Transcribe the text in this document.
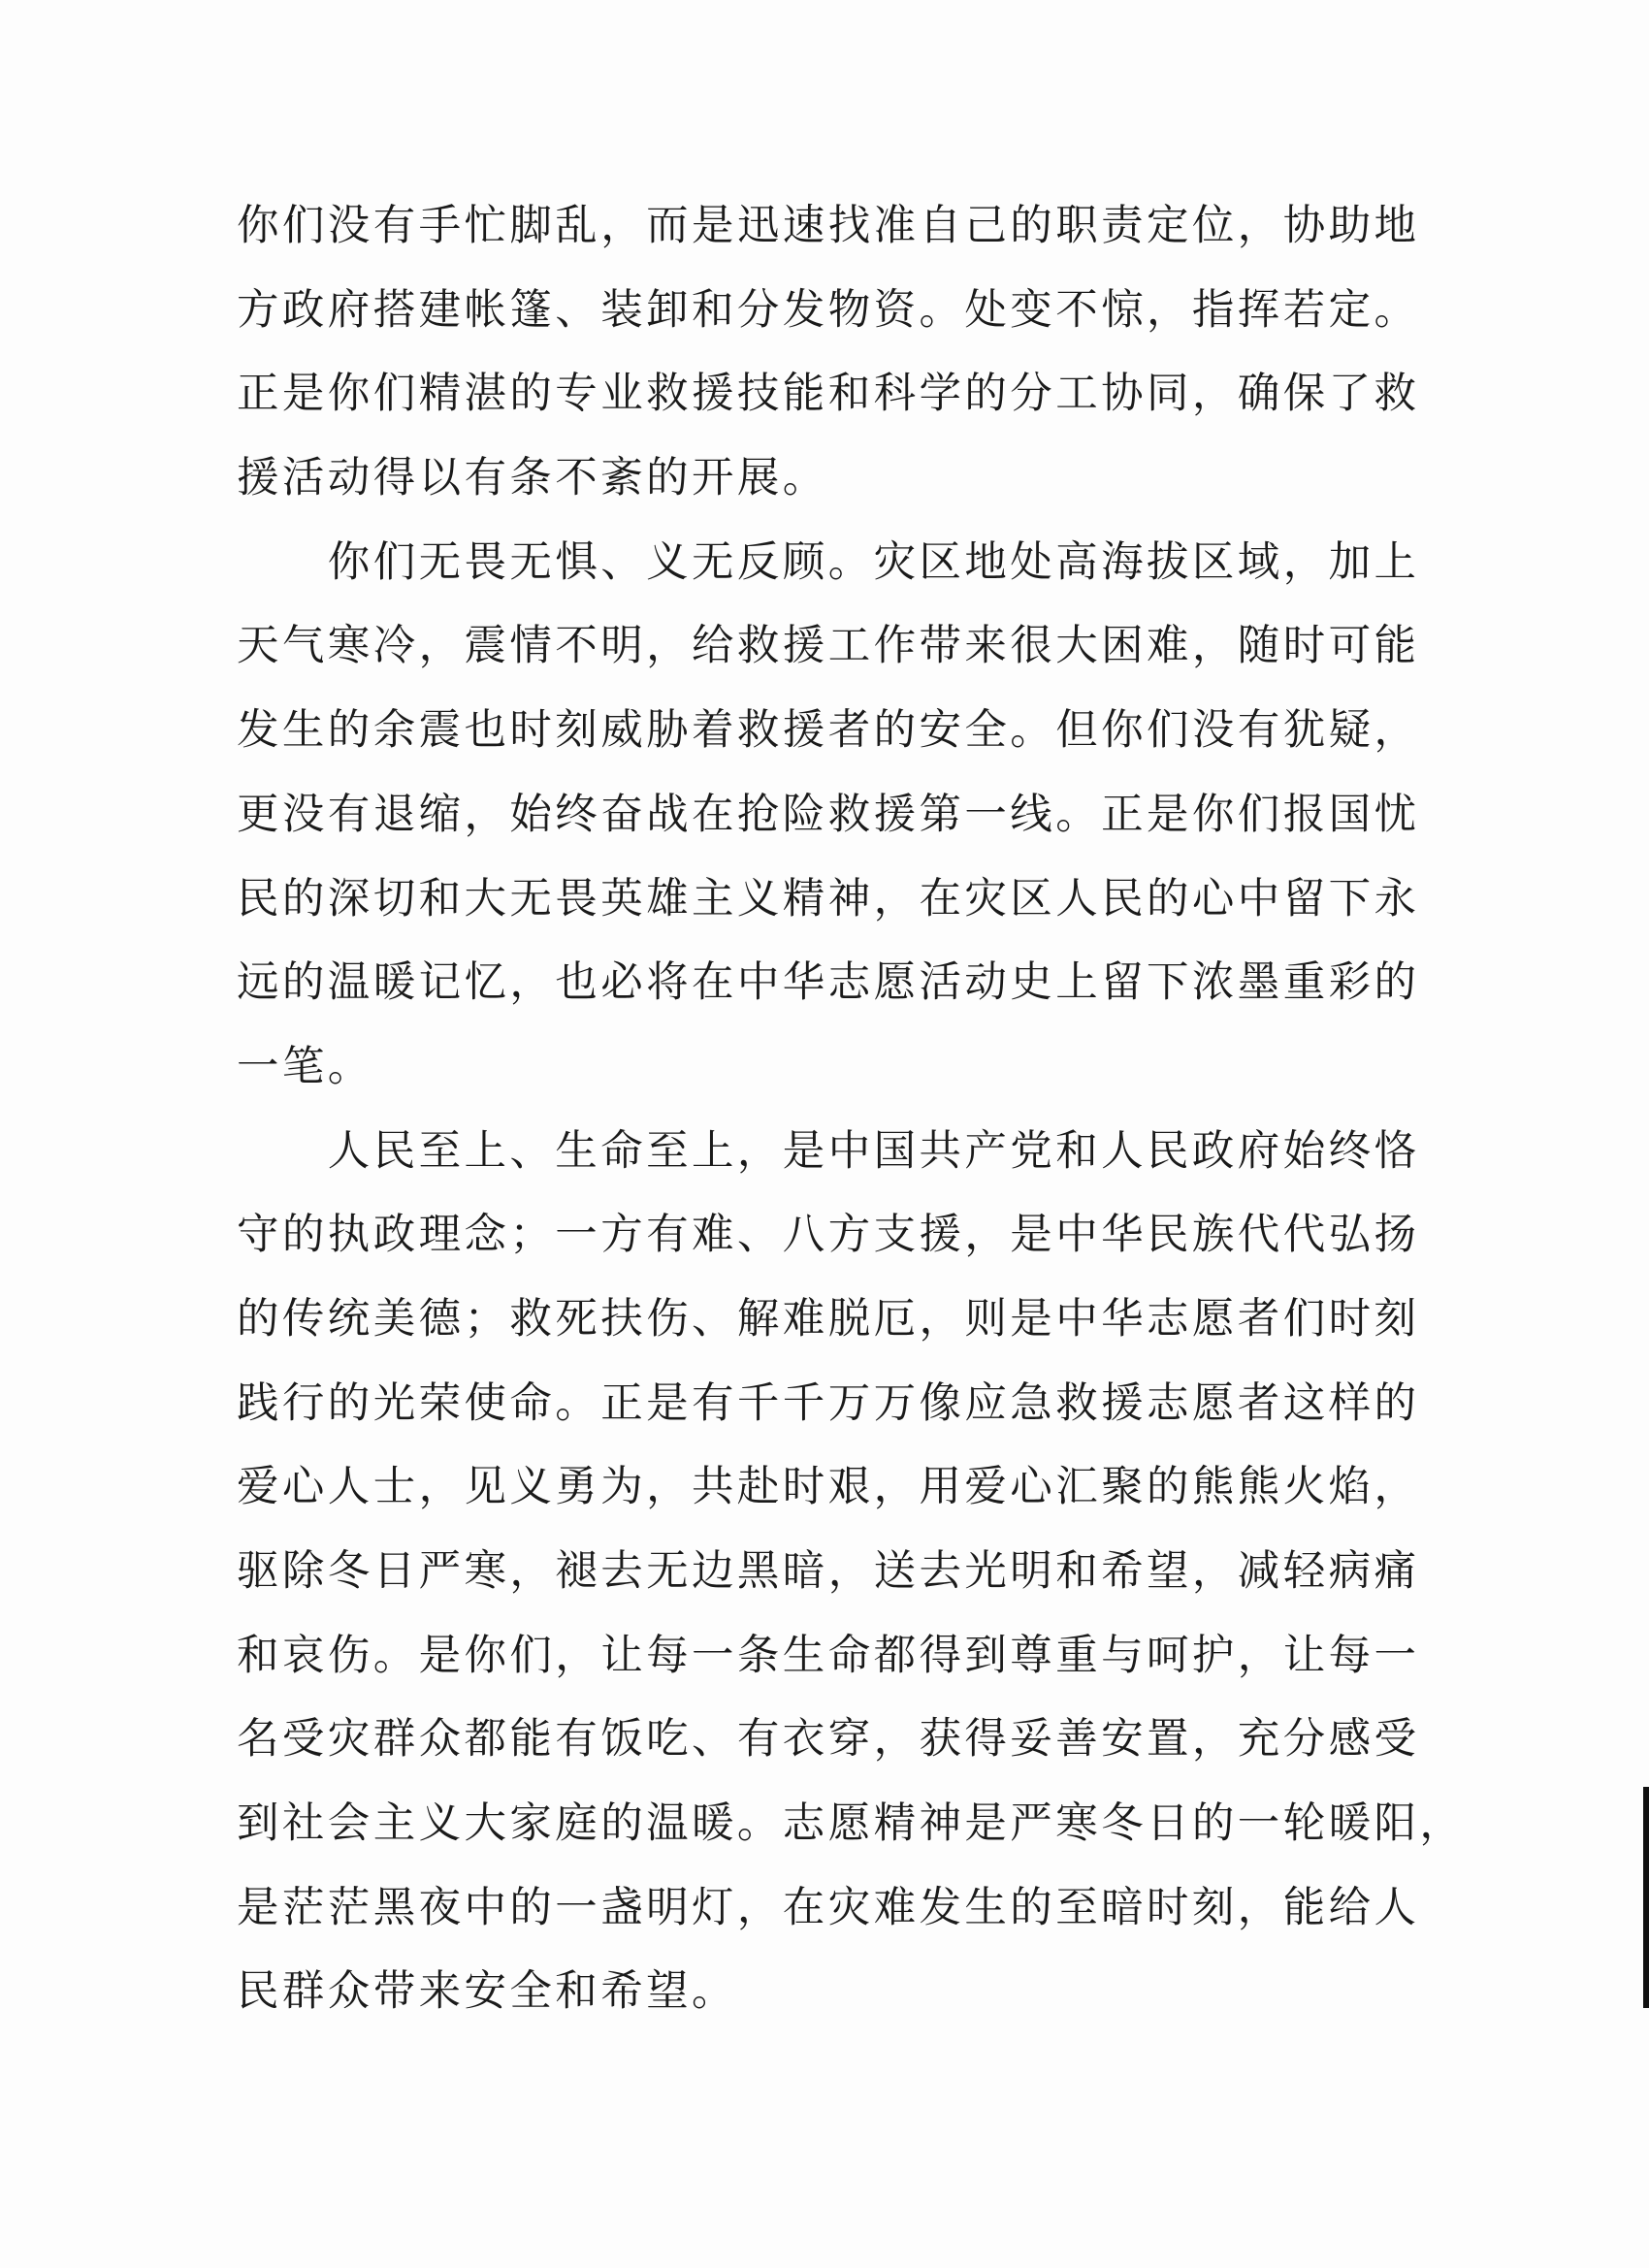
你们没有手忙脚乱，而是迅速找准自己的职责定位，协助地
方政府搭建帐篷、装卸和分发物资。处变不惊，指挥若定。
正是你们精湛的专业救援技能和科学的分工协同，确保了救
援活动得以有条不紊的开展。
　　你们无畏无惧、义无反顾。灾区地处高海拔区域，加上
天气寒冷，震情不明，给救援工作带来很大困难，随时可能
发生的余震也时刻威胁着救援者的安全。但你们没有犹疑，
更没有退缩，始终奋战在抢险救援第一线。正是你们报国忧
民的深切和大无畏英雄主义精神，在灾区人民的心中留下永
远的温暖记忆，也必将在中华志愿活动史上留下浓墨重彩的
一笔。
　　人民至上、生命至上，是中国共产党和人民政府始终恪
守的执政理念；一方有难、八方支援，是中华民族代代弘扬
的传统美德；救死扶伤、解难脱厄，则是中华志愿者们时刻
践行的光荣使命。正是有千千万万像应急救援志愿者这样的
爱心人士，见义勇为，共赴时艰，用爱心汇聚的熊熊火焰，
驱除冬日严寒，褪去无边黑暗，送去光明和希望，减轻病痛
和哀伤。是你们，让每一条生命都得到尊重与呵护，让每一
名受灾群众都能有饭吃、有衣穿，获得妥善安置，充分感受
到社会主义大家庭的温暖。志愿精神是严寒冬日的一轮暖阳，
是茫茫黑夜中的一盏明灯，在灾难发生的至暗时刻，能给人
民群众带来安全和希望。
